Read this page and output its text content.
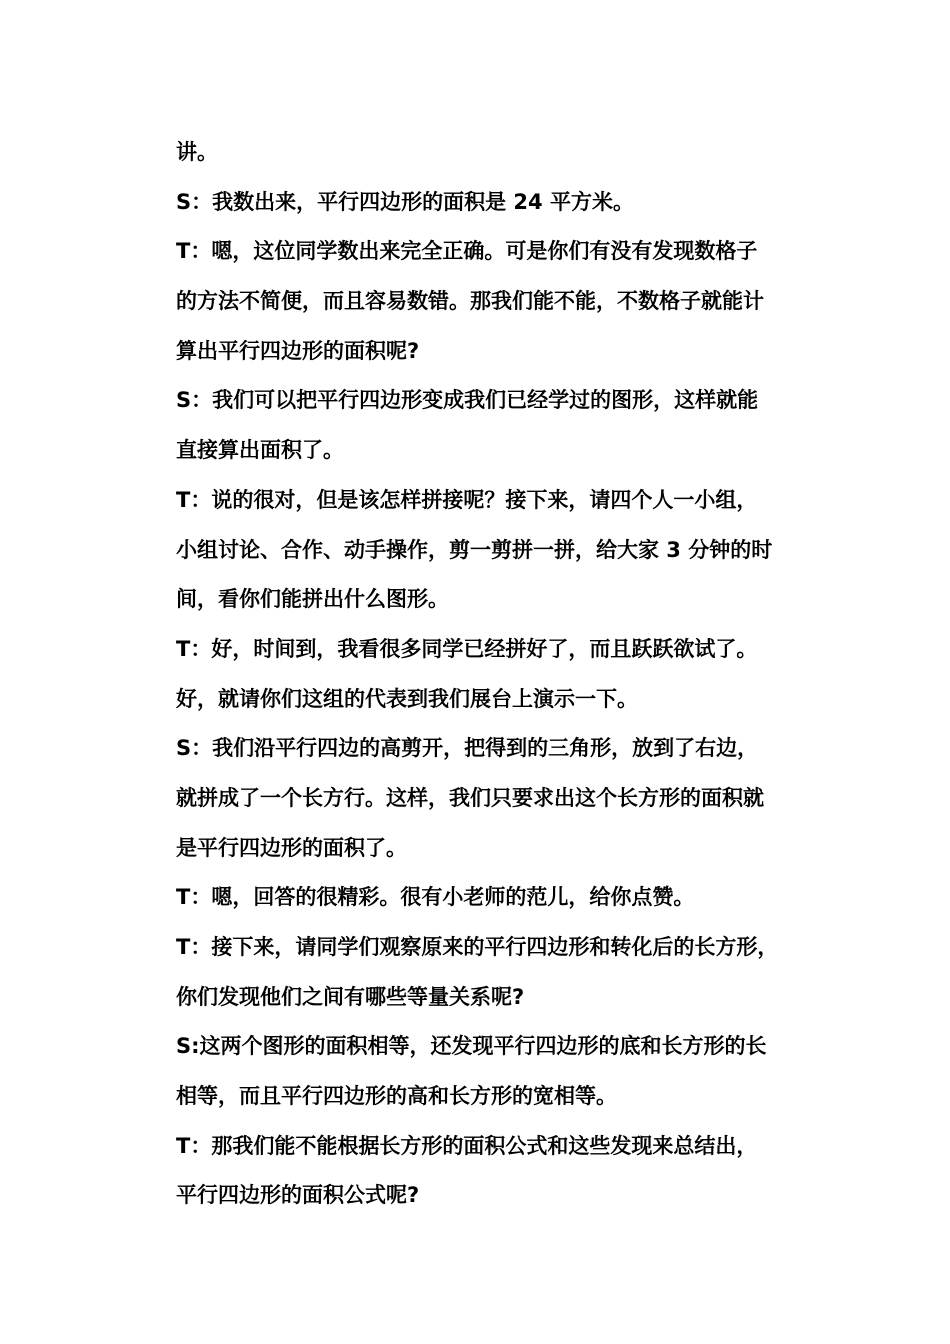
讲。

S：我数出来，平行四边形的面积是 24 平方米。

T：嗯，这位同学数出来完全正确。可是你们有没有发现数格子

的方法不简便，而且容易数错。那我们能不能，不数格子就能计

算出平行四边形的面积呢?

S：我们可以把平行四边形变成我们已经学过的图形，这样就能

直接算出面积了。

T：说的很对，但是该怎样拼接呢？接下来，请四个人一小组，

小组讨论、合作、动手操作，剪一剪拼一拼，给大家 3 分钟的时

间，看你们能拼出什么图形。

T：好，时间到，我看很多同学已经拼好了，而且跃跃欲试了。

好，就请你们这组的代表到我们展台上演示一下。

S：我们沿平行四边的高剪开，把得到的三角形，放到了右边，

就拼成了一个长方行。这样，我们只要求出这个长方形的面积就

是平行四边形的面积了。

T：嗯，回答的很精彩。很有小老师的范儿，给你点赞。

T：接下来，请同学们观察原来的平行四边形和转化后的长方形，

你们发现他们之间有哪些等量关系呢?

S:这两个图形的面积相等，还发现平行四边形的底和长方形的长

相等，而且平行四边形的高和长方形的宽相等。

T：那我们能不能根据长方形的面积公式和这些发现来总结出，

平行四边形的面积公式呢?
